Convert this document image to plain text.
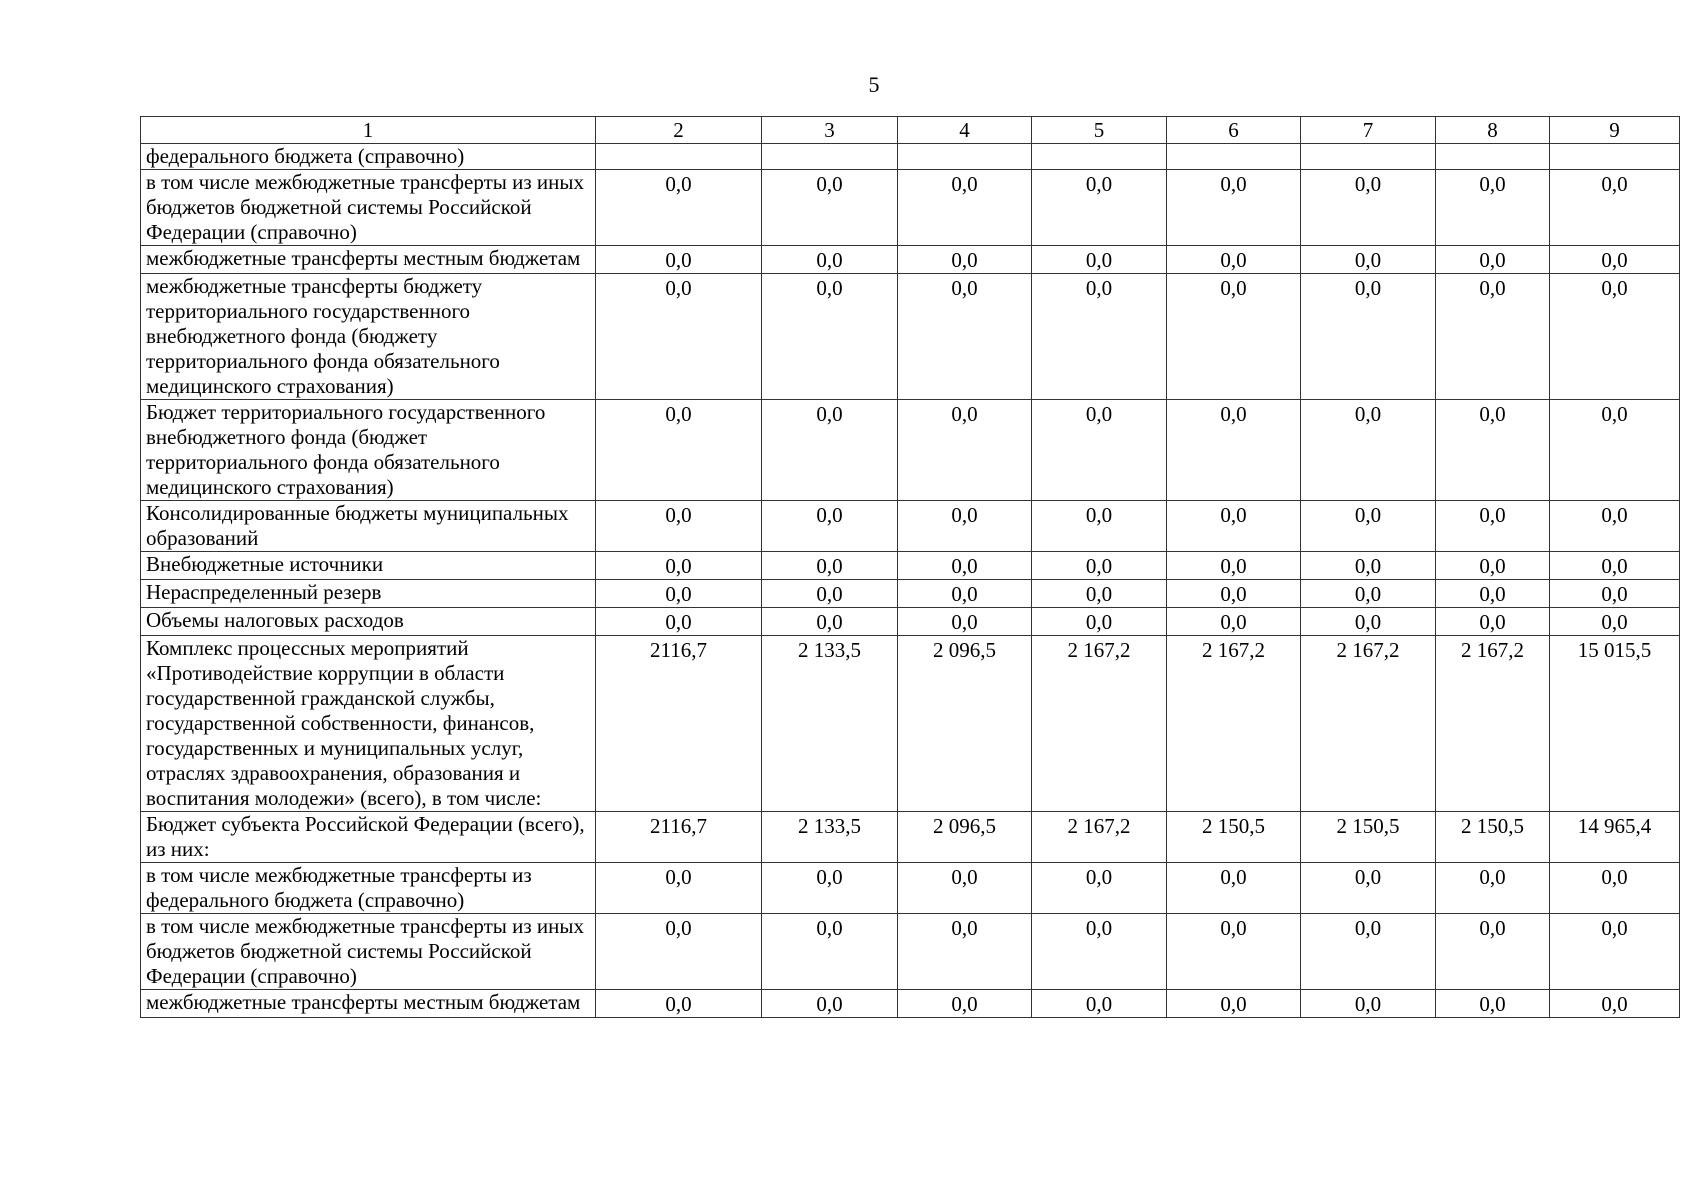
5
1	2	3	4	5	6	7	8	9
федерального бюджета (справочно)								
в том числе межбюджетные трансферты из иных бюджетов бюджетной системы Российской Федерации (справочно)	0,0	0,0	0,0	0,0	0,0	0,0	0,0	0,0
межбюджетные трансферты местным бюджетам	0,0	0,0	0,0	0,0	0,0	0,0	0,0	0,0
межбюджетные трансферты бюджету территориального государственного внебюджетного фонда (бюджету территориального фонда обязательного медицинского страхования)	0,0	0,0	0,0	0,0	0,0	0,0	0,0	0,0
Бюджет территориального государственного внебюджетного фонда (бюджет территориального фонда обязательного медицинского страхования)	0,0	0,0	0,0	0,0	0,0	0,0	0,0	0,0
Консолидированные бюджеты муниципальных образований	0,0	0,0	0,0	0,0	0,0	0,0	0,0	0,0
Внебюджетные источники	0,0	0,0	0,0	0,0	0,0	0,0	0,0	0,0
Нераспределенный резерв	0,0	0,0	0,0	0,0	0,0	0,0	0,0	0,0
Объемы налоговых расходов	0,0	0,0	0,0	0,0	0,0	0,0	0,0	0,0
Комплекс процессных мероприятий «Противодействие коррупции в области государственной гражданской службы, государственной собственности, финансов, государственных и муниципальных услуг, отраслях здравоохранения, образования и воспитания молодежи» (всего), в том числе:	2116,7	2 133,5	2 096,5	2 167,2	2 167,2	2 167,2	2 167,2	15 015,5
Бюджет субъекта Российской Федерации (всего), из них:	2116,7	2 133,5	2 096,5	2 167,2	2 150,5	2 150,5	2 150,5	14 965,4
в том числе межбюджетные трансферты из федерального бюджета (справочно)	0,0	0,0	0,0	0,0	0,0	0,0	0,0	0,0
в том числе межбюджетные трансферты из иных бюджетов бюджетной системы Российской Федерации (справочно)	0,0	0,0	0,0	0,0	0,0	0,0	0,0	0,0
межбюджетные трансферты местным бюджетам	0,0	0,0	0,0	0,0	0,0	0,0	0,0	0,0
